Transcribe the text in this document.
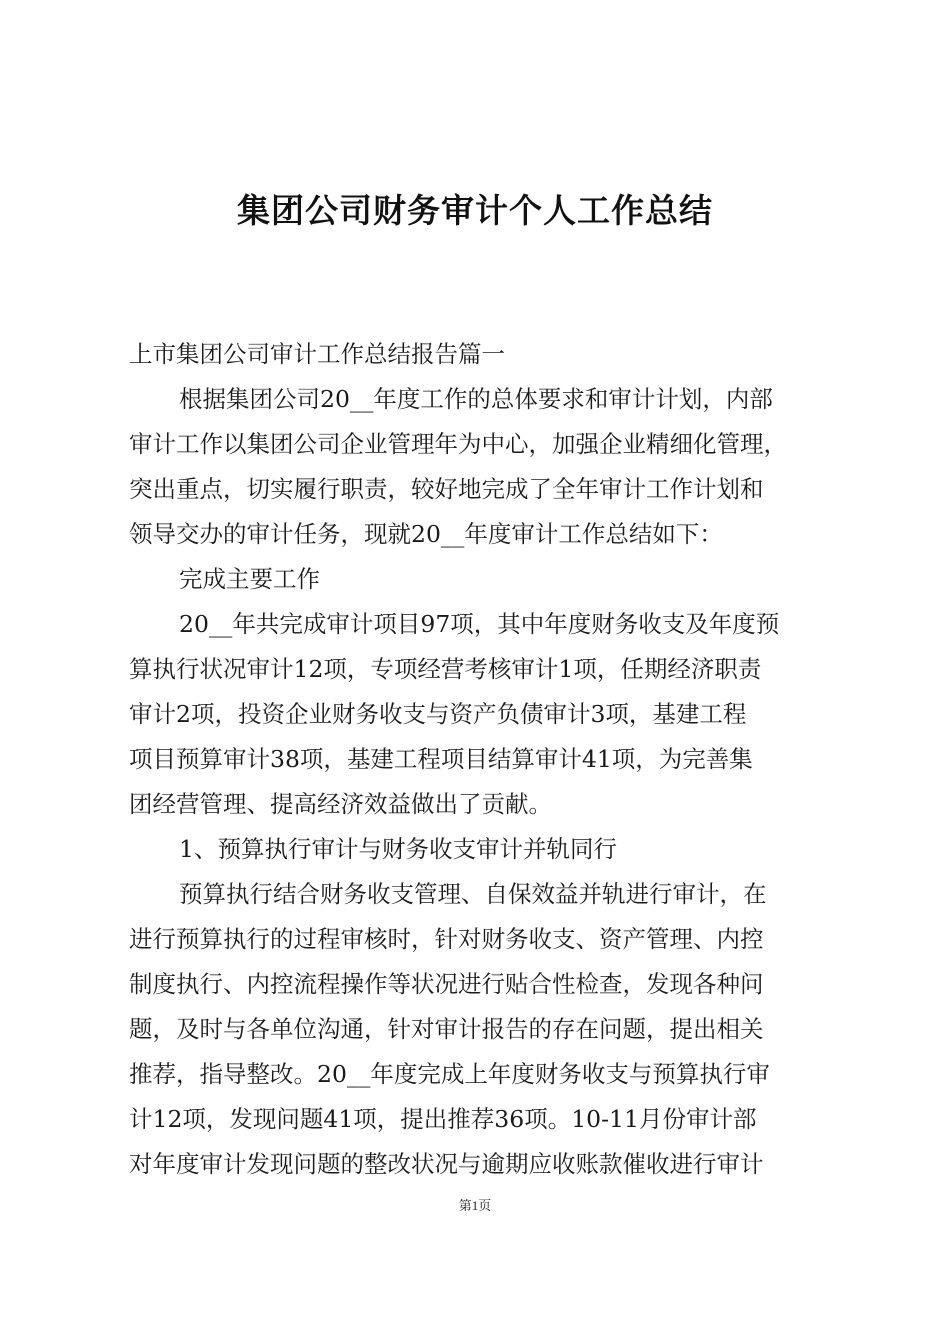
集团公司财务审计个人工作总结
上市集团公司审计工作总结报告篇一
根据集团公司20__年度工作的总体要求和审计计划，内部
审计工作以集团公司企业管理年为中心，加强企业精细化管理，
突出重点，切实履行职责，较好地完成了全年审计工作计划和
领导交办的审计任务，现就20__年度审计工作总结如下：
完成主要工作
20__年共完成审计项目97项，其中年度财务收支及年度预
算执行状况审计12项，专项经营考核审计1项，任期经济职责
审计2项，投资企业财务收支与资产负债审计3项，基建工程
项目预算审计38项，基建工程项目结算审计41项，为完善集
团经营管理、提高经济效益做出了贡献。
1、预算执行审计与财务收支审计并轨同行
预算执行结合财务收支管理、自保效益并轨进行审计，在
进行预算执行的过程审核时，针对财务收支、资产管理、内控
制度执行、内控流程操作等状况进行贴合性检查，发现各种问
题，及时与各单位沟通，针对审计报告的存在问题，提出相关
推荐，指导整改。20__年度完成上年度财务收支与预算执行审
计12项，发现问题41项，提出推荐36项。10-11月份审计部
对年度审计发现问题的整改状况与逾期应收账款催收进行审计
第1页
